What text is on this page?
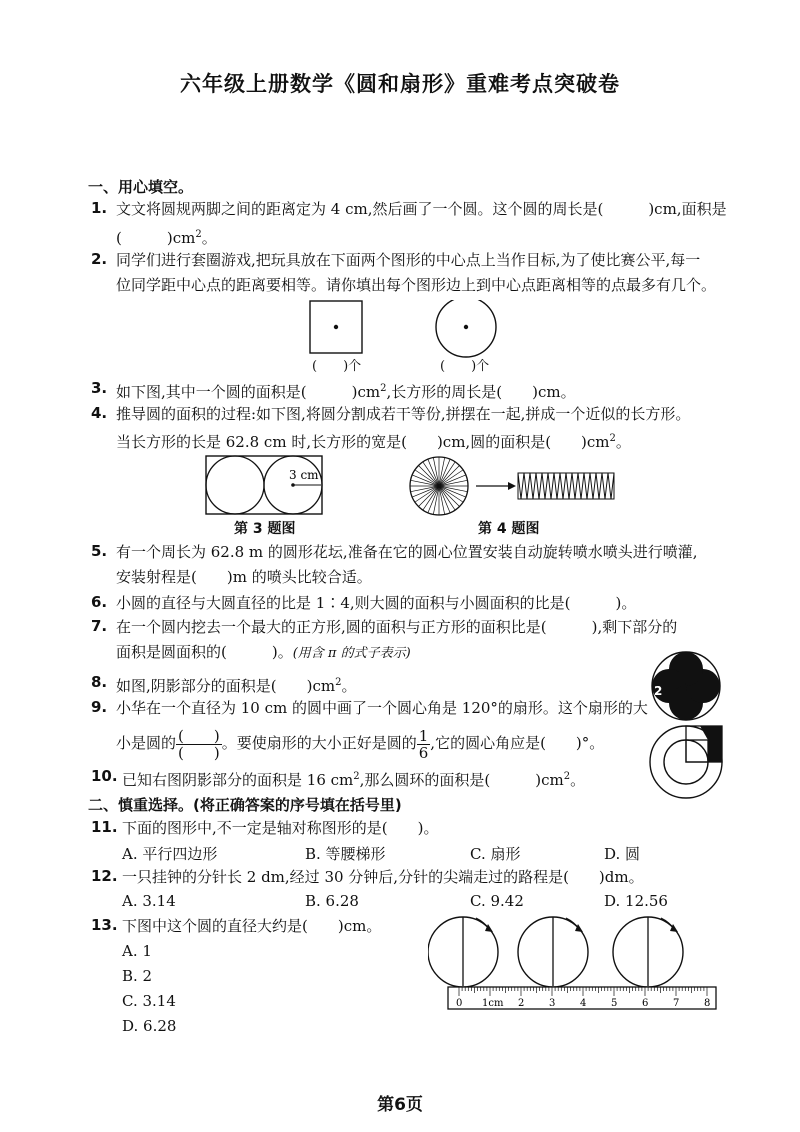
六年级上册数学《圆和扇形》重难考点突破卷
一、用心填空。
1. 文文将圆规两脚之间的距离定为 4 cm,然后画了一个圆。这个圆的周长是(　　　)cm,面积是
(　　　)$cm^2$。
2. 同学们进行套圈游戏,把玩具放在下面两个图形的中心点上当作目标,为了使比赛公平,每一
位同学距中心点的距离要相等。请你填出每个图形边上到中心点距离相等的点最多有几个。
(　　)个	(　　)个
3. 如下图,其中一个圆的面积是(　　　)$cm^2$,长方形的周长是(　　)cm。
4. 推导圆的面积的过程:如下图,将圆分割成若干等份,拼摆在一起,拼成一个近似的长方形。
当长方形的长是 62.8 cm 时,长方形的宽是(　　)cm,圆的面积是(　　)$cm^2$。
3 cm
第 3 题图	第 4 题图
5. 有一个周长为 62.8 m 的圆形花坛,准备在它的圆心位置安装自动旋转喷水喷头进行喷灌,
安装射程是(　　)m 的喷头比较合适。
6. 小圆的直径与大圆直径的比是 1∶4,则大圆的面积与小圆面积的比是(　　　)。
7. 在一个圆内挖去一个最大的正方形,圆的面积与正方形的面积比是(　　　),剩下部分的
面积是圆面积的(　　　)。(用含 π 的式子表示)
8. 如图,阴影部分的面积是(　　)$cm^2$。	2
9. 小华在一个直径为 10 cm 的圆中画了一个圆心角是 120°的扇形。这个扇形的大
小是圆的 $\frac{( )}{( )}$ 。要使扇形的大小正好是圆的 $\frac{1}{6}$ ,它的圆心角应是(　　)°。
10. 已知右图阴影部分的面积是 16 $cm^2$,那么圆环的面积是(　　　)$cm^2$。
二、慎重选择。(将正确答案的序号填在括号里)
11. 下面的图形中,不一定是轴对称图形的是(　　)。
A. 平行四边形	B. 等腰梯形	C. 扇形	D. 圆
12. 一只挂钟的分针长 2 dm,经过 30 分钟后,分针的尖端走过的路程是(　　)dm。
A. 3.14	B. 6.28	C. 9.42	D. 12.56
13. 下图中这个圆的直径大约是(　　)cm。
A. 1
B. 2
C. 3.14
D. 6.28
0 1cm 2 3 4 5 6 7 8
第6页
